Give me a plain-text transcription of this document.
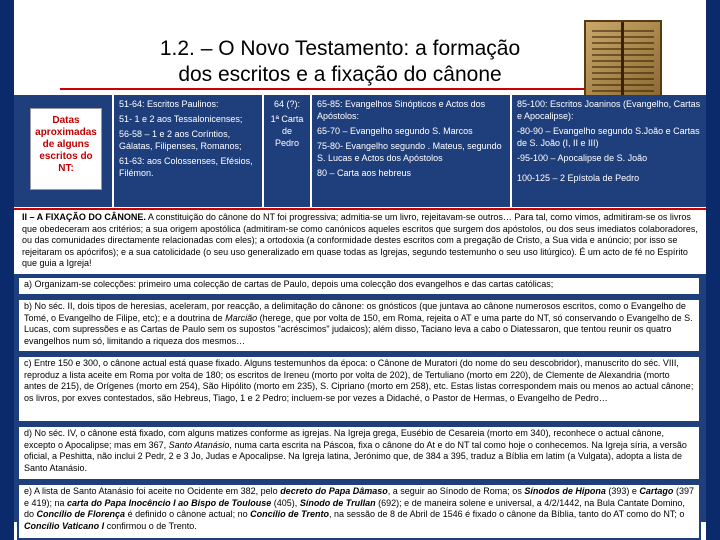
1.2. – O Novo Testamento: a formação
dos escritos e a fixação do cânone
Datas aproximadas de alguns escritos do NT:

51-64: Escritos Paulinos:

51- 1 e 2 aos Tessalonicenses;

56-58 – 1 e 2 aos Coríntios, Gálatas, Filipenses, Romanos;

61-63: aos Colossenses, Efésios, Filémon.

64 (?):

1ª Carta de Pedro

65-85: Evangelhos Sinópticos e Actos dos Apóstolos:

65-70 – Evangelho segundo S. Marcos

75-80- Evangelho segundo . Mateus, segundo S. Lucas e Actos dos Apóstolos

80 – Carta aos hebreus

85-100: Escritos Joaninos (Evangelho, Cartas e Apocalipse):

-80-90 – Evangelho segundo S.João e Cartas de S. João (I, II e III)

-95-100 – Apocalipse de S. João

100-125 – 2 Epístola de Pedro

II – A FIXAÇÃO DO CÂNONE. A constituição do cânone do NT foi progressiva; admitia-se um livro, rejeitavam-se outros… Para tal, como vimos, admitiram-se os livros que obedeceram aos critérios; a sua origem apostólica (admitiram-se como canónicos aqueles escritos que surgem dos apóstolos, ou dos seus imediatos colaboradores, ou das comunidades directamente relacionadas com eles); a ortodoxia (a conformidade destes escritos com a pregação de Cristo, a Sua vida e anúncio; por isso se rejeitaram os apócrifos); e a sua catolicidade (o seu uso generalizado em quase todas as Igrejas, segundo testemunho o seu uso litúrgico). É um acto de fé no Espírito que guia a Igreja!
a) Organizam-se colecções: primeiro uma colecção de cartas de Paulo, depois uma colecção dos evangelhos e das cartas católicas;
b) No séc. II, dois tipos de heresias, aceleram, por reacção, a delimitação do cânone: os gnósticos (que juntava ao cânone numerosos escritos, como o Evangelho de Tomé, o Evangelho de Filipe, etc); e a doutrina de Marcião (herege, que por volta de 150, em Roma, rejeita o AT e uma parte do NT, só conservando o Evangelho de S. Lucas, com supressões e as Cartas de Paulo sem os supostos "acréscimos" judaicos); além disso, Taciano leva a cabo o Diatessaron, que tentou reunir os quatro evangelhos num só, limitando a riqueza dos mesmos…
c) Entre 150 e 300, o cânone actual está quase fixado. Alguns testemunhos da época: o Cânone de Muratori (do nome do seu descobridor), manuscrito do séc. VIII, reproduz a lista aceite em Roma por volta de 180; os escritos de Ireneu (morto por volta de 202), de Tertuliano (morto em 220), de Clemente de Alexandria (morto antes de 215), de Orígenes (morto em 254), São Hipólito (morto em 235), S. Cipriano (morto em 258), etc. Estas listas correspondem mais ou menos ao actual cânone; os livros, por exves contestados, são Hebreus, Tiago, 1 e 2 Pedro; incluem-se por vezes a Didaché, o Pastor de Hermas, o Evangelho de Pedro…
d) No séc. IV, o cânone está fixado, com alguns matizes conforme as igrejas. Na Igreja grega, Eusébio de Cesareia (morto em 340), reconhece o actual cânone, excepto o Apocalipse; mas em 367, Santo Atanásio, numa carta escrita na Páscoa, fixa o cânone do At e do NT tal como hoje o conhecemos. Na Igreja síria, a versão oficial, a Peshitta, não inclui 2 Pedr, 2 e 3 Jo, Judas e Apocalipse. Na Igreja latina, Jerónimo que, de 384 a 395, traduz a Bíblia em latim (a Vulgata), adopta a lista de Santo Atanásio.
e) A lista de Santo Atanásio foi aceite no Ocidente em 382, pelo decreto do Papa Dâmaso, a seguir ao Sínodo de Roma; os Sínodos de Hipona (393) e Cartago (397 e 419); na carta do Papa Inocêncio I ao Bispo de Toulouse (405), Sínodo de Trullan (692); e de maneira solene e universal, a 4/2/1442, na Bula Cantate Domino, do Concílio de Florença é definido o cânone actual; no Concílio de Trento, na sessão de 8 de Abril de 1546 é fixado o cânone da Bíblia, tanto do AT como do NT; o Concílio Vaticano I confirmou o de Trento.
